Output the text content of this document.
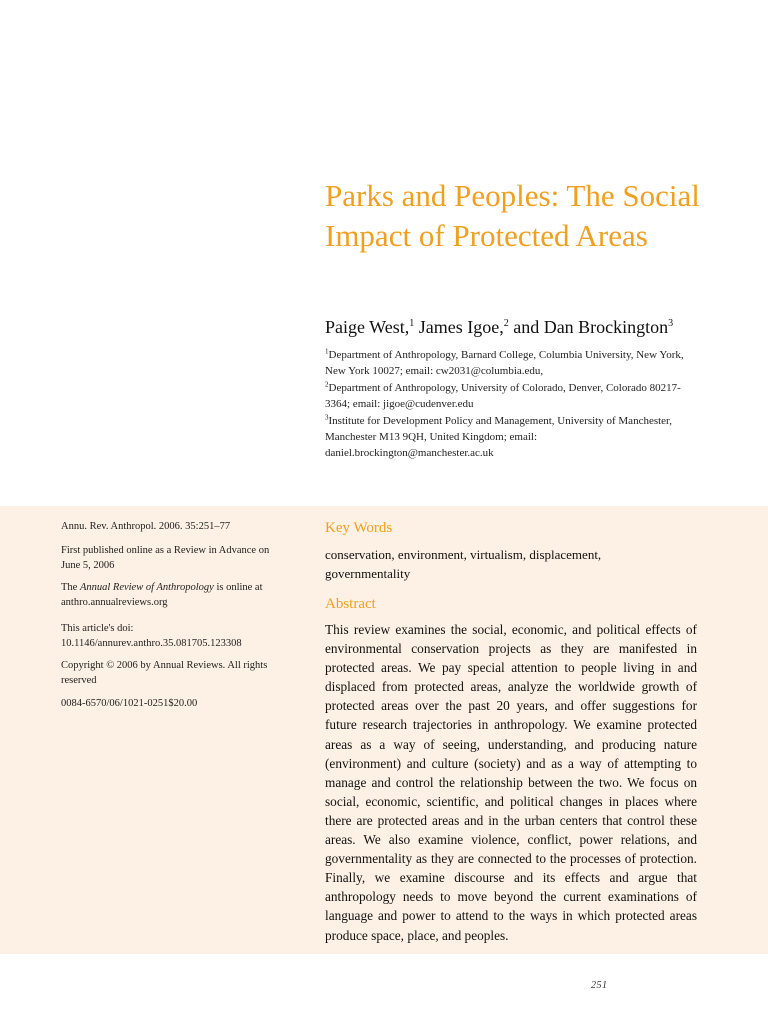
Parks and Peoples: The Social Impact of Protected Areas
Paige West,$^1$ James Igoe,$^2$ and Dan Brockington$^3$
$^1$Department of Anthropology, Barnard College, Columbia University, New York, New York 10027; email: cw2031@columbia.edu,
$^2$Department of Anthropology, University of Colorado, Denver, Colorado 80217-3364; email: jigoe@cudenver.edu
$^3$Institute for Development Policy and Management, University of Manchester, Manchester M13 9QH, United Kingdom; email: daniel.brockington@manchester.ac.uk
Annu. Rev. Anthropol. 2006. 35:251–77
First published online as a Review in Advance on June 5, 2006
The Annual Review of Anthropology is online at anthro.annualreviews.org

This article's doi:

10.1146/annurev.anthro.35.081705.123308

Copyright © 2006 by Annual Reviews. All rights reserved
0084-6570/06/1021-0251$20.00
Key Words
conservation, environment, virtualism, displacement, governmentality
Abstract
This review examines the social, economic, and political effects of environmental conservation projects as they are manifested in protected areas. We pay special attention to people living in and displaced from protected areas, analyze the worldwide growth of protected areas over the past 20 years, and offer suggestions for future research trajectories in anthropology. We examine protected areas as a way of seeing, understanding, and producing nature (environment) and culture (society) and as a way of attempting to manage and control the relationship between the two. We focus on social, economic, scientific, and political changes in places where there are protected areas and in the urban centers that control these areas. We also examine violence, conflict, power relations, and governmentality as they are connected to the processes of protection. Finally, we examine discourse and its effects and argue that anthropology needs to move beyond the current examinations of language and power to attend to the ways in which protected areas produce space, place, and peoples.
251
